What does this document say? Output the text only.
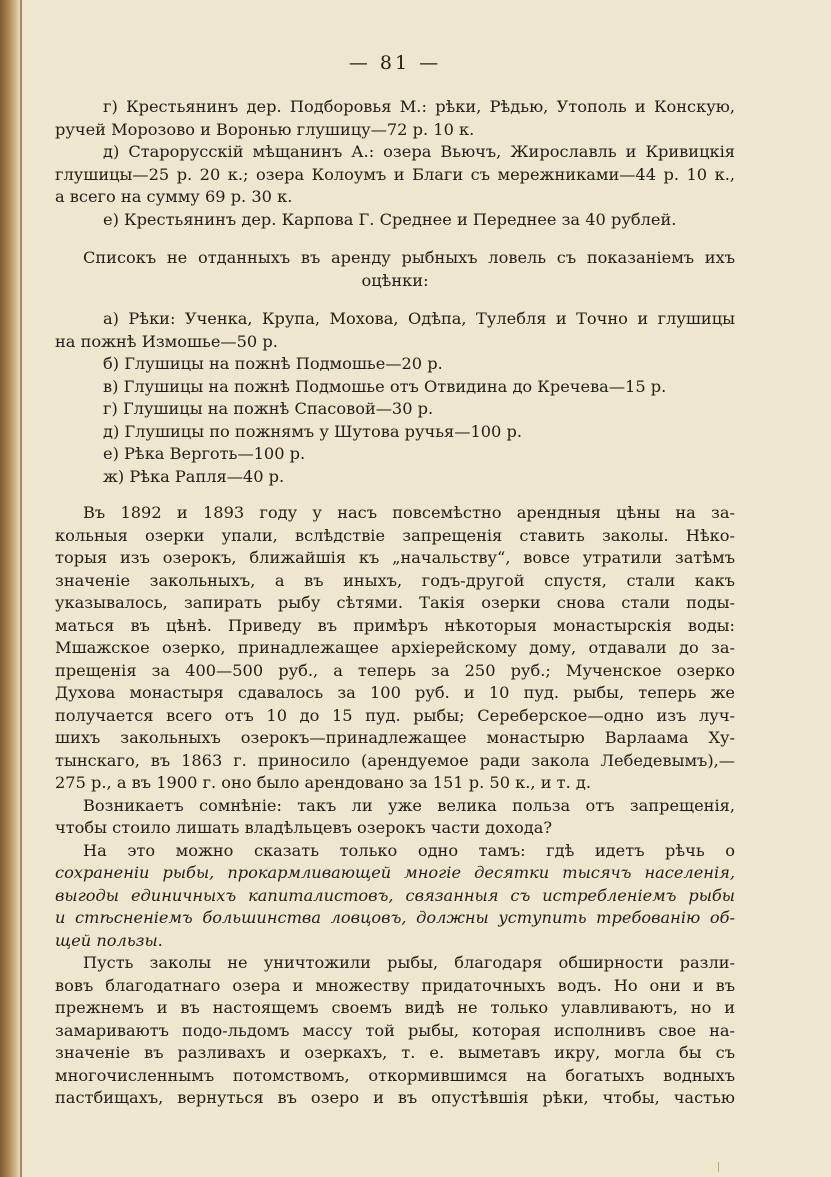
— 81 —
г) Крестьянинъ дер. Подборовья М.: рѣки, Рѣдью, Утополь и Конскую,
ручей Морозово и Воронью глушицу—72 р. 10 к.
д) Старорусскій мѣщанинъ А.: озера Вьючъ, Жирославль и Кривицкія
глушицы—25 р. 20 к.; озера Колоумъ и Благи съ мережниками—44 р. 10 к.,
а всего на сумму 69 р. 30 к.
е) Крестьянинъ дер. Карпова Г. Среднее и Переднее за 40 рублей.
Списокъ не отданныхъ въ аренду рыбныхъ ловель съ показаніемъ ихъ
оцѣнки:
а) Рѣки: Ученка, Крупа, Мохова, Одѣпа, Тулебля и Точно и глушицы
на пожнѣ Измошье—50 р.
б) Глушицы на пожнѣ Подмошье—20 р.
в) Глушицы на пожнѣ Подмошье отъ Отвидина до Кречева—15 р.
г) Глушицы на пожнѣ Спасовой—30 р.
д) Глушицы по пожнямъ у Шутова ручья—100 р.
е) Рѣка Верготь—100 р.
ж) Рѣка Рапля—40 р.
Въ 1892 и 1893 году у насъ повсемѣстно арендныя цѣны на за-
кольныя озерки упали, вслѣдствіе запрещенія ставить заколы. Нѣко-
торыя изъ озерокъ, ближайшія къ „начальству“, вовсе утратили затѣмъ
значеніе закольныхъ, а въ иныхъ, годъ-другой спустя, стали какъ
указывалось, запирать рыбу сѣтями. Такія озерки снова стали поды-
маться въ цѣнѣ. Приведу въ примѣръ нѣкоторыя монастырскія воды:
Мшажское озерко, принадлежащее архіерейскому дому, отдавали до за-
прещенія за 400—500 руб., а теперь за 250 руб.; Мученское озерко
Духова монастыря сдавалось за 100 руб. и 10 пуд. рыбы, теперь же
получается всего отъ 10 до 15 пуд. рыбы; Сереберское—одно изъ луч-
шихъ закольныхъ озерокъ—принадлежащее монастырю Варлаама Ху-
тынскаго, въ 1863 г. приносило (арендуемое ради закола Лебедевымъ),—
275 р., а въ 1900 г. оно было арендовано за 151 р. 50 к., и т. д.
Возникаетъ сомнѣніе: такъ ли уже велика польза отъ запрещенія,
чтобы стоило лишать владѣльцевъ озерокъ части дохода?
На это можно сказать только одно тамъ: гдѣ идетъ рѣчь о
сохраненіи рыбы, прокармливающей многіе десятки тысячъ населенія,
выгоды единичныхъ капиталистовъ, связанныя съ истребленіемъ рыбы
и стѣсненіемъ большинства ловцовъ, должны уступить требованію об-
щей пользы.
Пусть заколы не уничтожили рыбы, благодаря обширности разли-
вовъ благодатнаго озера и множеству придаточныхъ водъ. Но они и въ
прежнемъ и въ настоящемъ своемъ видѣ не только улавливаютъ, но и
замариваютъ подо-льдомъ массу той рыбы, которая исполнивъ свое на-
значеніе въ разливахъ и озеркахъ, т. е. выметавъ икру, могла бы съ
многочисленнымъ потомствомъ, откормившимся на богатыхъ водныхъ
пастбищахъ, вернуться въ озеро и въ опустѣвшія рѣки, чтобы, частью
